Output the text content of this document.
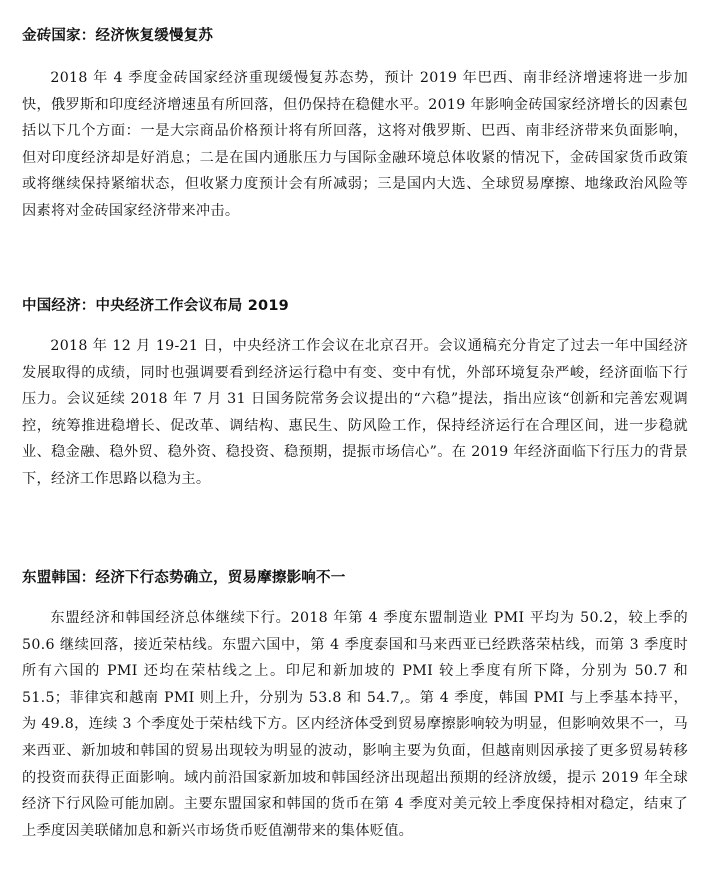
金砖国家：经济恢复缓慢复苏
2018 年 4 季度金砖国家经济重现缓慢复苏态势，预计 2019 年巴西、南非经济增速将进一步加快，俄罗斯和印度经济增速虽有所回落，但仍保持在稳健水平。2019 年影响金砖国家经济增长的因素包括以下几个方面：一是大宗商品价格预计将有所回落，这将对俄罗斯、巴西、南非经济带来负面影响，但对印度经济却是好消息；二是在国内通胀压力与国际金融环境总体收紧的情况下，金砖国家货币政策或将继续保持紧缩状态，但收紧力度预计会有所减弱；三是国内大选、全球贸易摩擦、地缘政治风险等因素将对金砖国家经济带来冲击。
中国经济：中央经济工作会议布局 2019
2018 年 12 月 19-21 日，中央经济工作会议在北京召开。会议通稿充分肯定了过去一年中国经济发展取得的成绩，同时也强调要看到经济运行稳中有变、变中有忧，外部环境复杂严峻，经济面临下行压力。会议延续 2018 年 7 月 31 日国务院常务会议提出的“六稳”提法，指出应该“创新和完善宏观调控，统筹推进稳增长、促改革、调结构、惠民生、防风险工作，保持经济运行在合理区间，进一步稳就业、稳金融、稳外贸、稳外资、稳投资、稳预期，提振市场信心”。在 2019 年经济面临下行压力的背景下，经济工作思路以稳为主。
东盟韩国：经济下行态势确立，贸易摩擦影响不一
东盟经济和韩国经济总体继续下行。2018 年第 4 季度东盟制造业 PMI 平均为 50.2，较上季的 50.6 继续回落，接近荣枯线。东盟六国中，第 4 季度泰国和马来西亚已经跌落荣枯线，而第 3 季度时所有六国的 PMI 还均在荣枯线之上。印尼和新加坡的 PMI 较上季度有所下降，分别为 50.7 和 51.5；菲律宾和越南 PMI 则上升，分别为 53.8 和 54.7,。第 4 季度，韩国 PMI 与上季基本持平，为 49.8，连续 3 个季度处于荣枯线下方。区内经济体受到贸易摩擦影响较为明显，但影响效果不一，马来西亚、新加坡和韩国的贸易出现较为明显的波动，影响主要为负面，但越南则因承接了更多贸易转移的投资而获得正面影响。域内前沿国家新加坡和韩国经济出现超出预期的经济放缓，提示 2019 年全球经济下行风险可能加剧。主要东盟国家和韩国的货币在第 4 季度对美元较上季度保持相对稳定，结束了上季度因美联储加息和新兴市场货币贬值潮带来的集体贬值。
